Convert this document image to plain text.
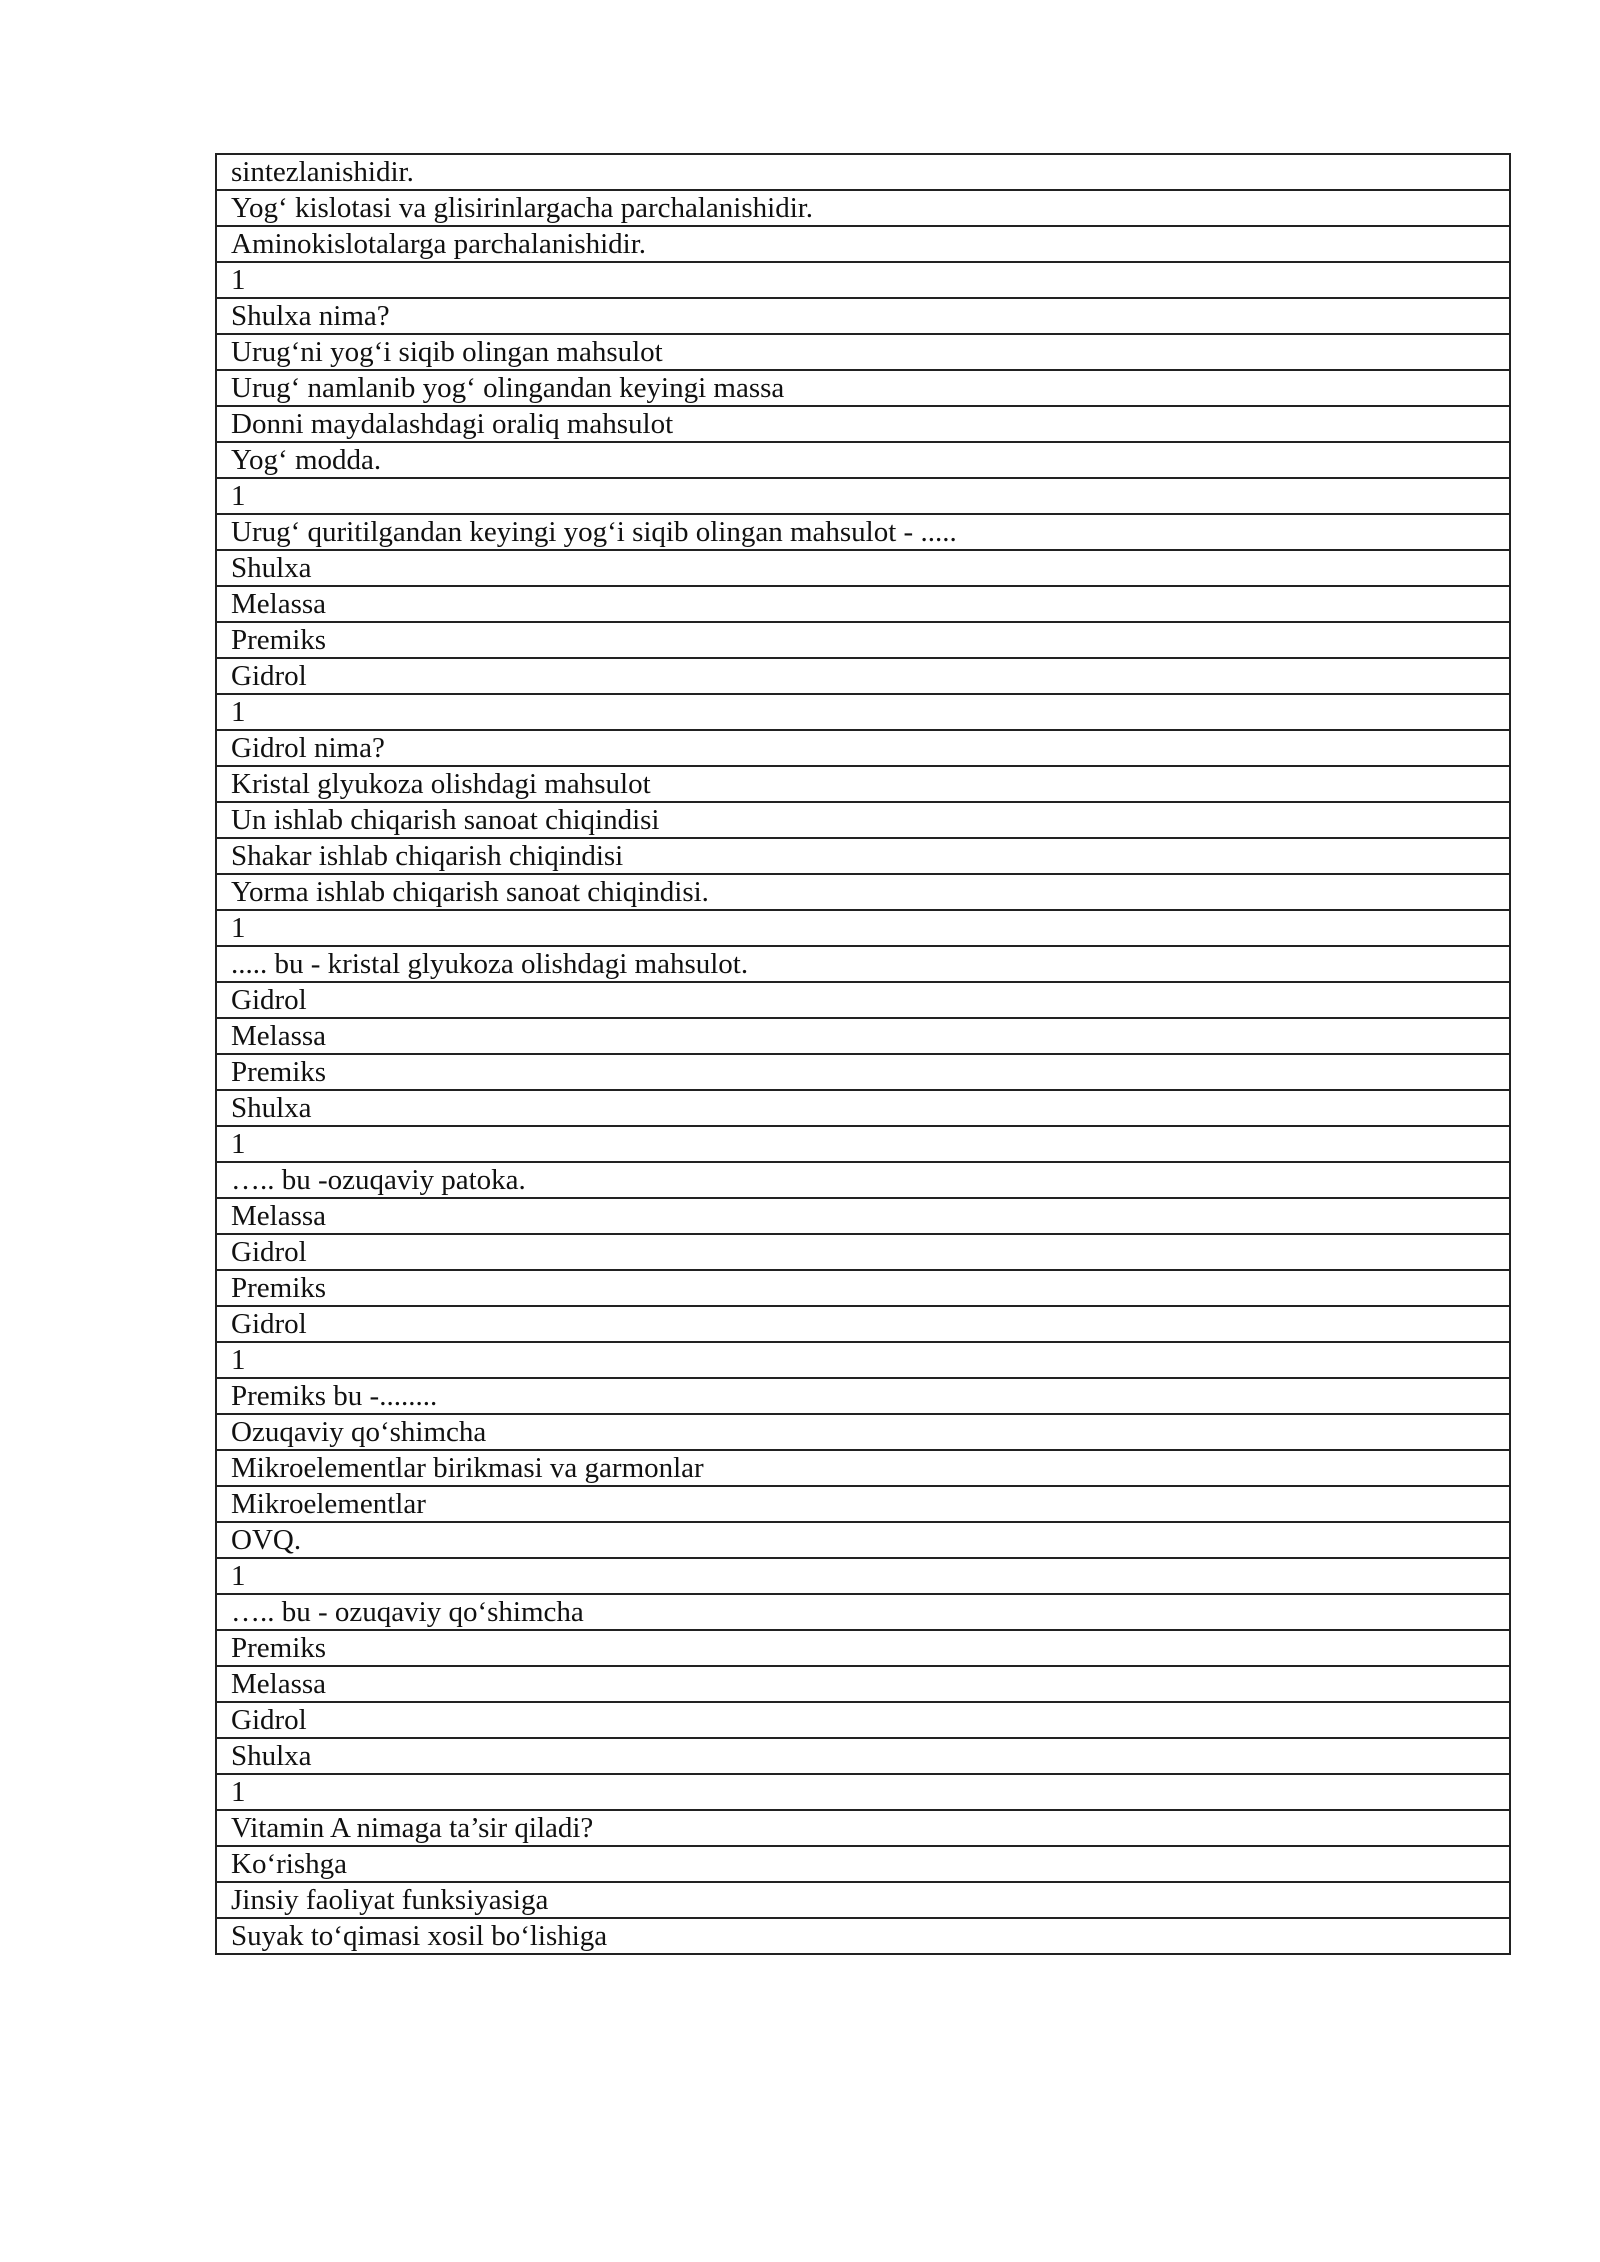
sintezlanishidir.
Yog‘ kislotasi va glisirinlargacha parchalanishidir.
Aminokislotalarga parchalanishidir.
1
Shulxa nima?
Urug‘ni yog‘i siqib olingan mahsulot
Urug‘ namlanib yog‘ olingandan keyingi massa
Donni maydalashdagi oraliq mahsulot
Yog‘ modda.
1
Urug‘ quritilgandan keyingi yog‘i siqib olingan mahsulot - .....
Shulxa
Melassa
Premiks
Gidrol
1
Gidrol nima?
Kristal glyukoza olishdagi mahsulot
Un ishlab chiqarish sanoat chiqindisi
Shakar ishlab chiqarish chiqindisi
Yorma ishlab chiqarish sanoat chiqindisi.
1
..... bu - kristal glyukoza olishdagi mahsulot.
Gidrol
Melassa
Premiks
Shulxa
1
….. bu -ozuqaviy patoka.
Melassa
Gidrol
Premiks
Gidrol
1
Premiks bu -........
Ozuqaviy qo‘shimcha
Mikroelementlar birikmasi va garmonlar
Mikroelementlar
OVQ.
1
….. bu - ozuqaviy qo‘shimcha
Premiks
Melassa
Gidrol
Shulxa
1
Vitamin A nimaga ta’sir qiladi?
Ko‘rishga
Jinsiy faoliyat funksiyasiga
Suyak to‘qimasi xosil bo‘lishiga
